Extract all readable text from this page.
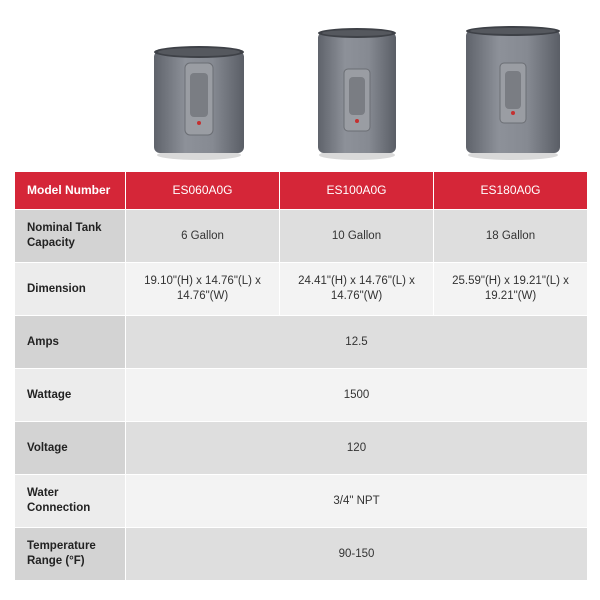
Model Number	ES060A0G	ES100A0G	ES180A0G
Nominal Tank Capacity	6 Gallon	10 Gallon	18 Gallon
Dimension	19.10"(H) x 14.76"(L) x 14.76"(W)	24.41"(H) x 14.76"(L) x 14.76"(W)	25.59"(H) x 19.21"(L) x 19.21"(W)
Amps	12.5		
Wattage	1500		
Voltage	120		
Water Connection	3/4" NPT		
Temperature Range (°F)	90-150		
